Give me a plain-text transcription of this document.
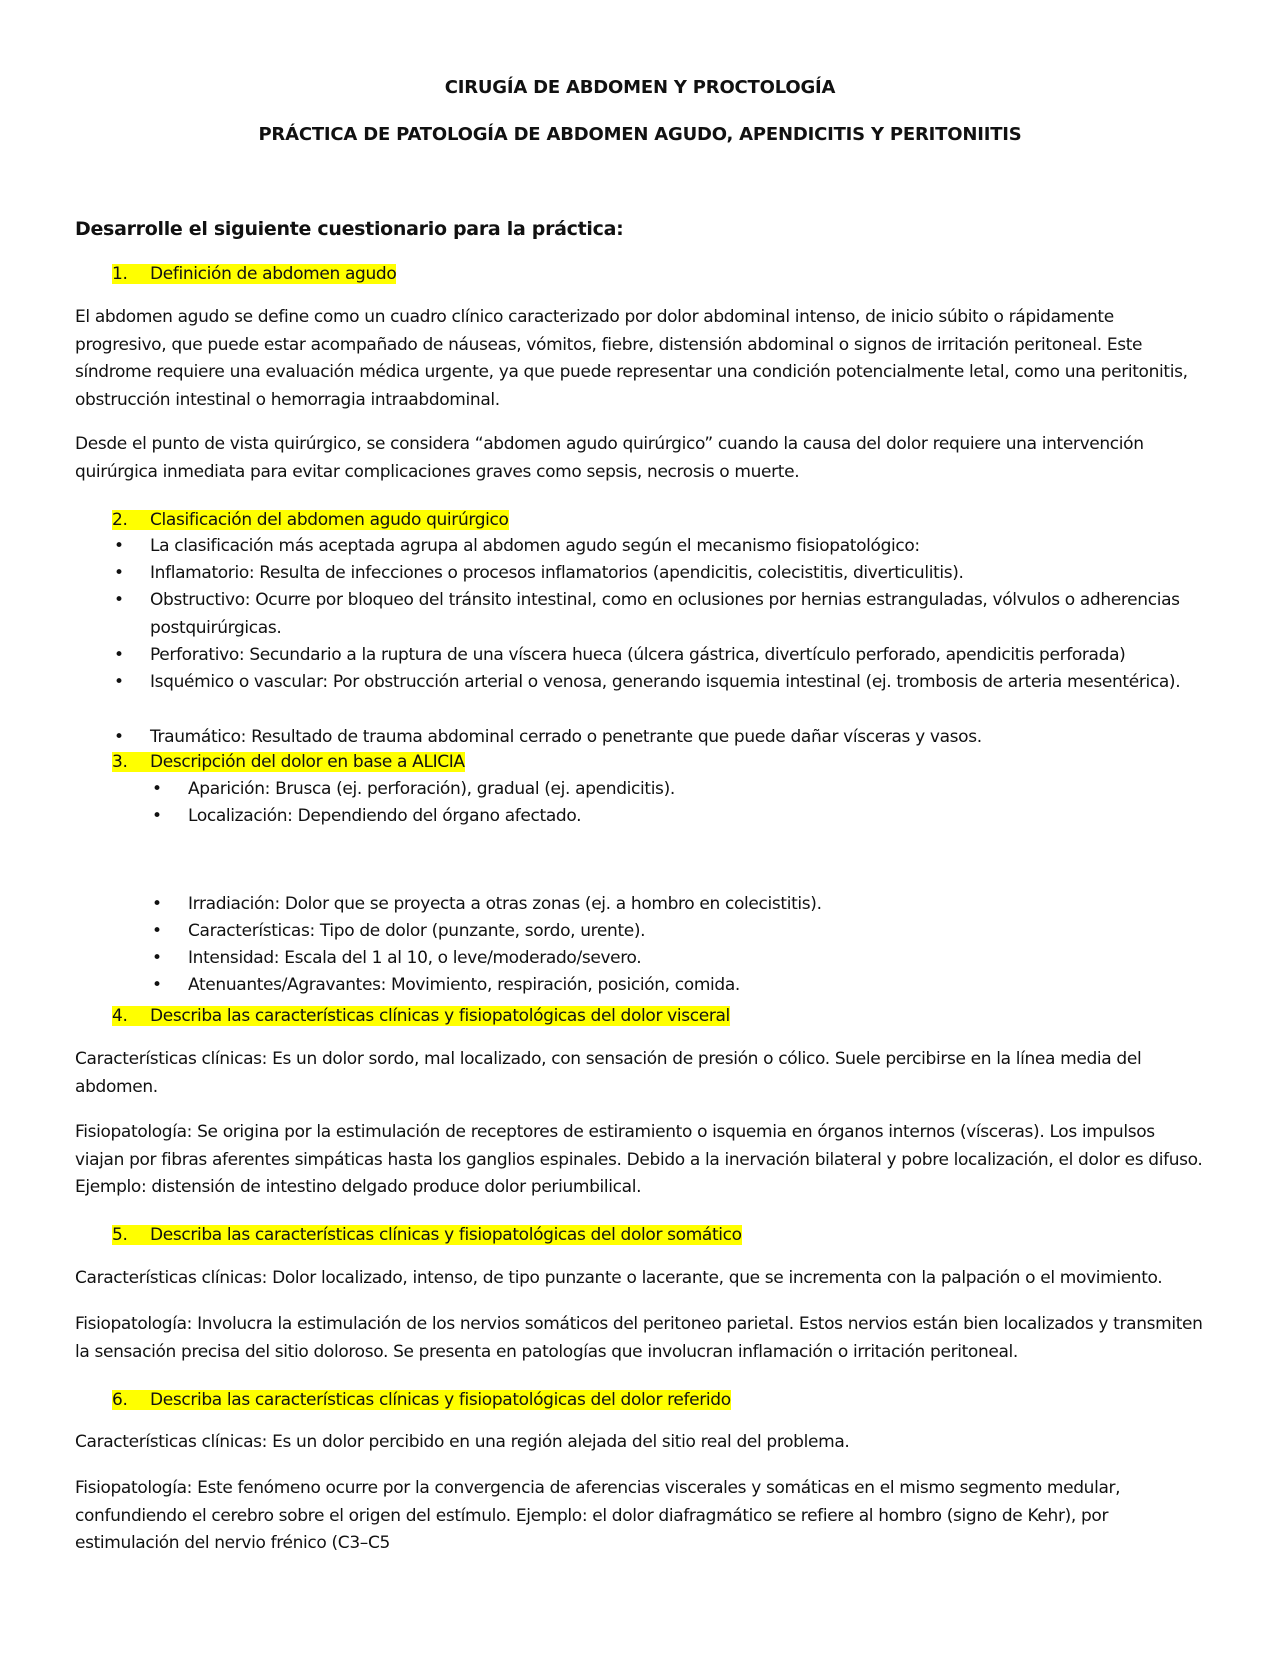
CIRUGÍA DE ABDOMEN Y PROCTOLOGÍA
PRÁCTICA DE PATOLOGÍA DE ABDOMEN AGUDO, APENDICITIS Y PERITONIITIS
Desarrolle el siguiente cuestionario para la práctica:
1. Definición de abdomen agudo
El abdomen agudo se define como un cuadro clínico caracterizado por dolor abdominal intenso, de inicio súbito o rápidamente progresivo, que puede estar acompañado de náuseas, vómitos, fiebre, distensión abdominal o signos de irritación peritoneal. Este síndrome requiere una evaluación médica urgente, ya que puede representar una condición potencialmente letal, como una peritonitis, obstrucción intestinal o hemorragia intraabdominal.
Desde el punto de vista quirúrgico, se considera “abdomen agudo quirúrgico” cuando la causa del dolor requiere una intervención quirúrgica inmediata para evitar complicaciones graves como sepsis, necrosis o muerte.
2. Clasificación del abdomen agudo quirúrgico
• La clasificación más aceptada agrupa al abdomen agudo según el mecanismo fisiopatológico:
• Inflamatorio: Resulta de infecciones o procesos inflamatorios (apendicitis, colecistitis, diverticulitis).
• Obstructivo: Ocurre por bloqueo del tránsito intestinal, como en oclusiones por hernias estranguladas, vólvulos o adherencias postquirúrgicas.
• Perforativo: Secundario a la ruptura de una víscera hueca (úlcera gástrica, divertículo perforado, apendicitis perforada)
• Isquémico o vascular: Por obstrucción arterial o venosa, generando isquemia intestinal (ej. trombosis de arteria mesentérica).
• Traumático: Resultado de trauma abdominal cerrado o penetrante que puede dañar vísceras y vasos.
3. Descripción del dolor en base a ALICIA
• Aparición: Brusca (ej. perforación), gradual (ej. apendicitis).
• Localización: Dependiendo del órgano afectado.
• Irradiación: Dolor que se proyecta a otras zonas (ej. a hombro en colecistitis).
• Características: Tipo de dolor (punzante, sordo, urente).
• Intensidad: Escala del 1 al 10, o leve/moderado/severo.
• Atenuantes/Agravantes: Movimiento, respiración, posición, comida.
4. Describa las características clínicas y fisiopatológicas del dolor visceral
Características clínicas: Es un dolor sordo, mal localizado, con sensación de presión o cólico. Suele percibirse en la línea media del abdomen.
Fisiopatología: Se origina por la estimulación de receptores de estiramiento o isquemia en órganos internos (vísceras). Los impulsos viajan por fibras aferentes simpáticas hasta los ganglios espinales. Debido a la inervación bilateral y pobre localización, el dolor es difuso. Ejemplo: distensión de intestino delgado produce dolor periumbilical.
5. Describa las características clínicas y fisiopatológicas del dolor somático
Características clínicas: Dolor localizado, intenso, de tipo punzante o lacerante, que se incrementa con la palpación o el movimiento.
Fisiopatología: Involucra la estimulación de los nervios somáticos del peritoneo parietal. Estos nervios están bien localizados y transmiten la sensación precisa del sitio doloroso. Se presenta en patologías que involucran inflamación o irritación peritoneal.
6. Describa las características clínicas y fisiopatológicas del dolor referido
Características clínicas: Es un dolor percibido en una región alejada del sitio real del problema.
Fisiopatología: Este fenómeno ocurre por la convergencia de aferencias viscerales y somáticas en el mismo segmento medular, confundiendo el cerebro sobre el origen del estímulo. Ejemplo: el dolor diafragmático se refiere al hombro (signo de Kehr), por estimulación del nervio frénico (C3–C5
